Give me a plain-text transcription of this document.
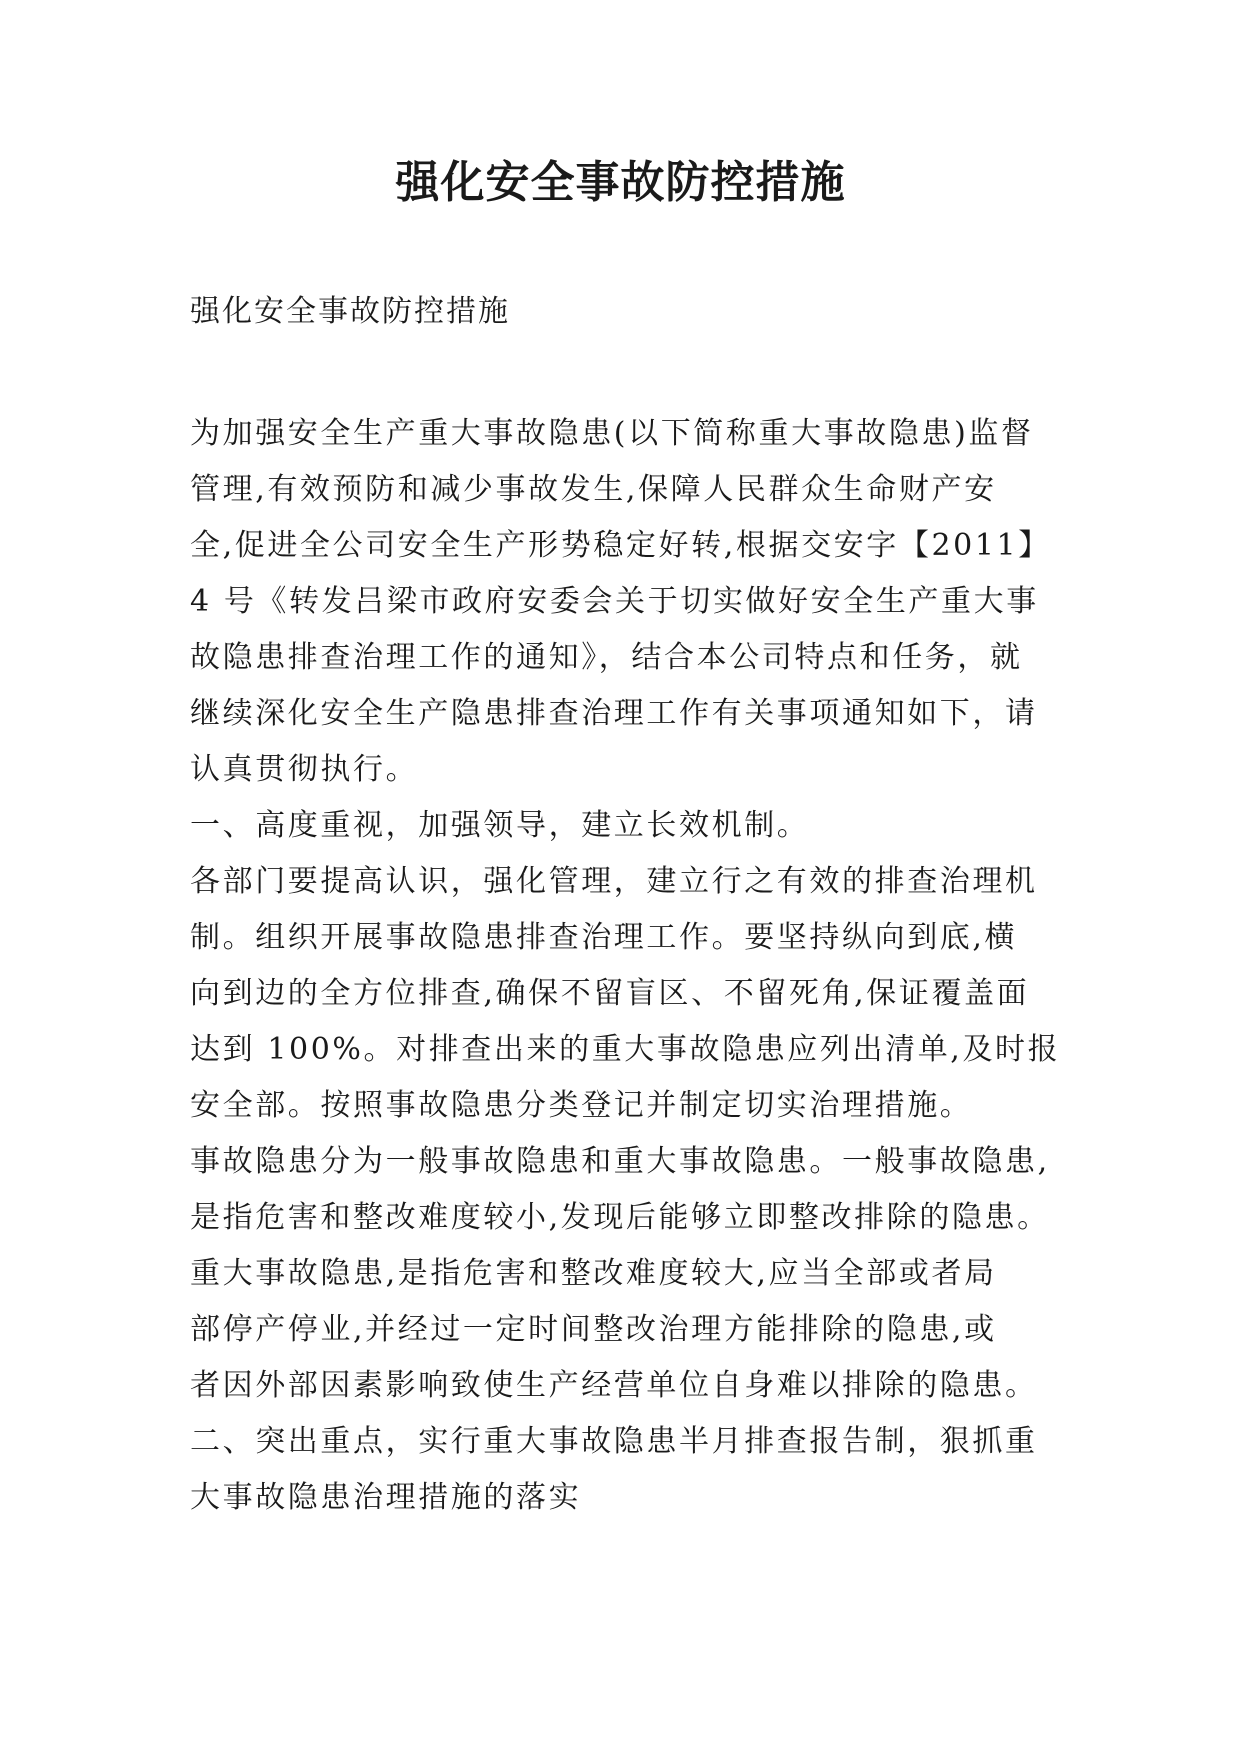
强化安全事故防控措施

强化安全事故防控措施

为加强安全生产重大事故隐患(以下简称重大事故隐患)监督
管理,有效预防和减少事故发生,保障人民群众生命财产安
全,促进全公司安全生产形势稳定好转,根据交安字【2011】
4 号《转发吕梁市政府安委会关于切实做好安全生产重大事
故隐患排查治理工作的通知》，结合本公司特点和任务，就
继续深化安全生产隐患排查治理工作有关事项通知如下，请
认真贯彻执行。
一、高度重视，加强领导，建立长效机制。
各部门要提高认识，强化管理，建立行之有效的排查治理机
制。组织开展事故隐患排查治理工作。要坚持纵向到底,横
向到边的全方位排查,确保不留盲区、不留死角,保证覆盖面
达到 100%。对排查出来的重大事故隐患应列出清单,及时报
安全部。按照事故隐患分类登记并制定切实治理措施。
事故隐患分为一般事故隐患和重大事故隐患。一般事故隐患,
是指危害和整改难度较小,发现后能够立即整改排除的隐患。
重大事故隐患,是指危害和整改难度较大,应当全部或者局
部停产停业,并经过一定时间整改治理方能排除的隐患,或
者因外部因素影响致使生产经营单位自身难以排除的隐患。
二、突出重点，实行重大事故隐患半月排查报告制，狠抓重
大事故隐患治理措施的落实
